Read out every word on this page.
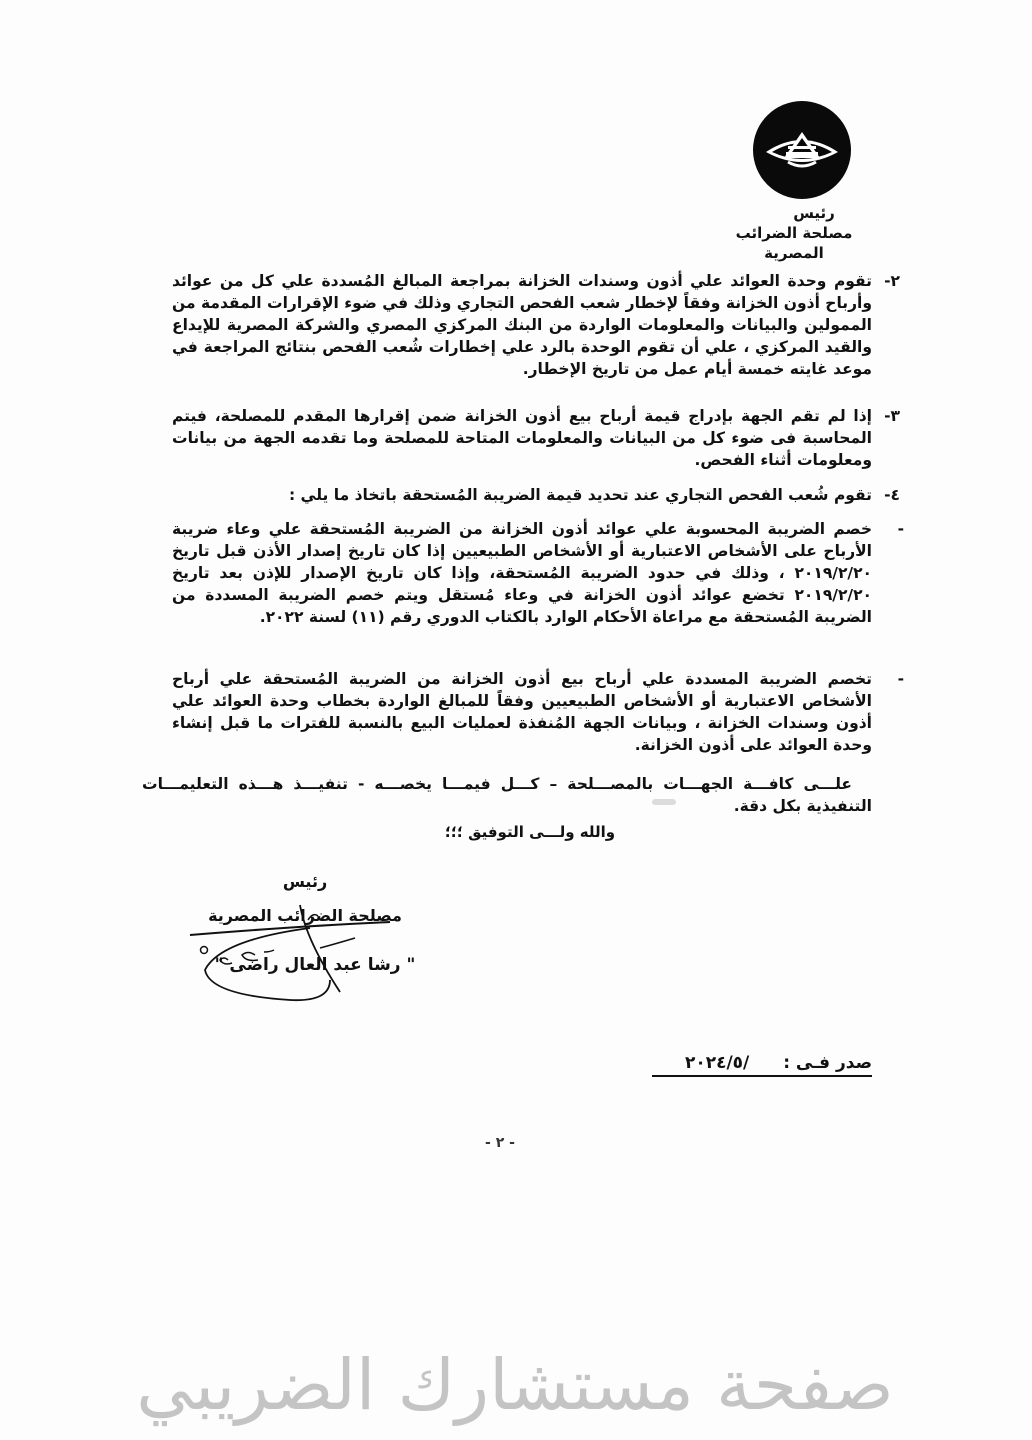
رئيس
مصلحة الضرائب المصرية
٢-
تقوم وحدة العوائد علي أذون وسندات الخزانة بمراجعة المبالغ المُسددة علي كل من عوائد وأرباح أذون الخزانة وفقاً لإخطار شعب الفحص التجاري وذلك في ضوء الإقرارات المقدمة من الممولين والبيانات والمعلومات الواردة من البنك المركزي المصري والشركة المصرية للإيداع والقيد المركزي ، علي أن تقوم الوحدة بالرد علي إخطارات شُعب الفحص بنتائج المراجعة في موعد غايته خمسة أيام عمل من تاريخ الإخطار.
٣-
إذا لم تقم الجهة بإدراج قيمة أرباح بيع أذون الخزانة ضمن إقرارها المقدم للمصلحة، فيتم المحاسبة فى ضوء كل من البيانات والمعلومات المتاحة للمصلحة وما تقدمه الجهة من بيانات ومعلومات أثناء الفحص.
٤-
تقوم شُعب الفحص التجاري عند تحديد قيمة الضريبة المُستحقة باتخاذ ما يلي :
-
خصم الضريبة المحسوبة علي عوائد أذون الخزانة من الضريبة المُستحقة علي وعاء ضريبة الأرباح على الأشخاص الاعتبارية أو الأشخاص الطبيعيين إذا كان تاريخ إصدار الأذن قبل تاريخ ٢٠١٩/٢/٢٠ ، وذلك في حدود الضريبة المُستحقة، وإذا كان تاريخ الإصدار للإذن بعد تاريخ ٢٠١٩/٢/٢٠ تخضع عوائد أذون الخزانة في وعاء مُستقل ويتم خصم الضريبة المسددة من الضريبة المُستحقة مع مراعاة الأحكام الوارد بالكتاب الدوري رقم (١١) لسنة ٢٠٢٢.
-
تخصم الضريبة المسددة علي أرباح بيع أذون الخزانة من الضريبة المُستحقة علي أرباح الأشخاص الاعتبارية أو الأشخاص الطبيعيين وفقاً للمبالغ الواردة بخطاب وحدة العوائد علي أذون وسندات الخزانة ، وبيانات الجهة المُنفذة لعمليات البيع بالنسبة للفترات ما قبل إنشاء وحدة العوائد على أذون الخزانة.
علـــى كافـــة الجهـــات بالمصـــلحة – كـــل فيمـــا يخصـــه - تنفيـــذ هـــذه التعليمـــات
التنفيذية بكل دقة.
والله ولـــى التوفيق ؛؛؛
رئيس
مصلحة الضرائب المصرية
" رشا عبد العال راضى "
صدر فـى : /٢٠٢٤/٥
- ٢ -
صفحة مستشارك الضريبي
